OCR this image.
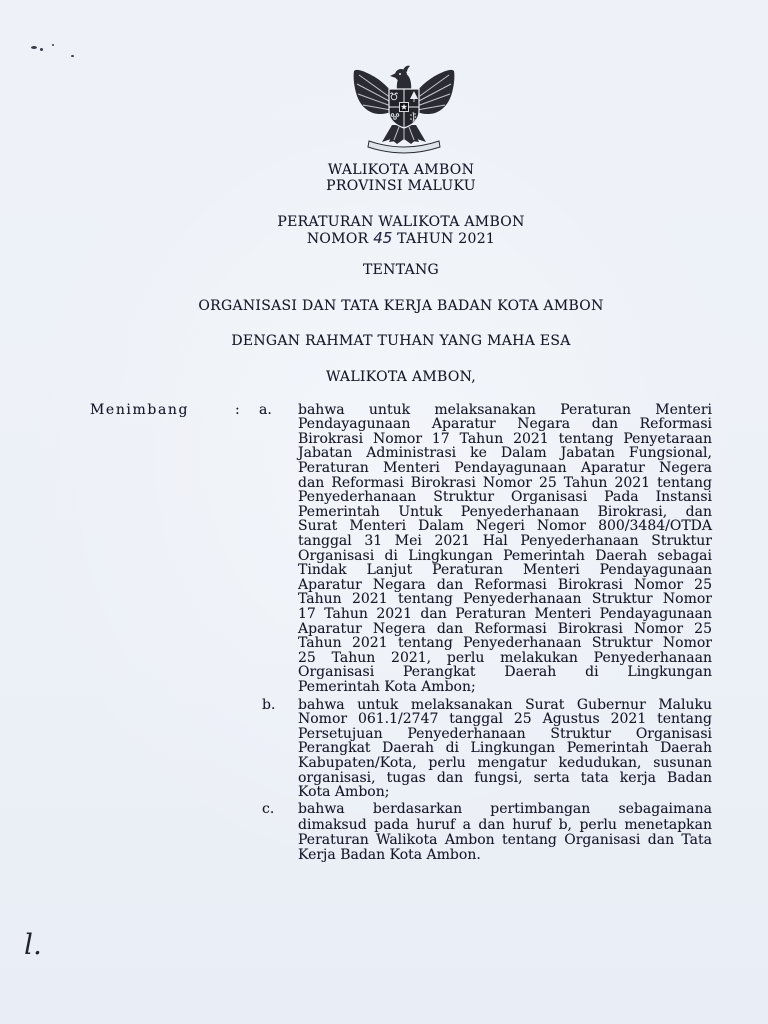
WALIKOTA AMBON
PROVINSI MALUKU
PERATURAN WALIKOTA AMBON
NOMOR 45 TAHUN 2021
TENTANG
ORGANISASI DAN TATA KERJA BADAN KOTA AMBON
DENGAN RAHMAT TUHAN YANG MAHA ESA
WALIKOTA AMBON,
Menimbang	: a. bahwa untuk melaksanakan Peraturan Menteri
Pendayagunaan Aparatur Negara dan Reformasi
Birokrasi Nomor 17 Tahun 2021 tentang Penyetaraan
Jabatan Administrasi ke Dalam Jabatan Fungsional,
Peraturan Menteri Pendayagunaan Aparatur Negera
dan Reformasi Birokrasi Nomor 25 Tahun 2021 tentang
Penyederhanaan Struktur Organisasi Pada Instansi
Pemerintah Untuk Penyederhanaan Birokrasi, dan
Surat Menteri Dalam Negeri Nomor 800/3484/OTDA
tanggal 31 Mei 2021 Hal Penyederhanaan Struktur
Organisasi di Lingkungan Pemerintah Daerah sebagai
Tindak Lanjut Peraturan Menteri Pendayagunaan
Aparatur Negara dan Reformasi Birokrasi Nomor 25
Tahun 2021 tentang Penyederhanaan Struktur Nomor
17 Tahun 2021 dan Peraturan Menteri Pendayagunaan
Aparatur Negera dan Reformasi Birokrasi Nomor 25
Tahun 2021 tentang Penyederhanaan Struktur Nomor
25 Tahun 2021, perlu melakukan Penyederhanaan
Organisasi Perangkat Daerah di Lingkungan
Pemerintah Kota Ambon;
b. bahwa untuk melaksanakan Surat Gubernur Maluku
Nomor 061.1/2747 tanggal 25 Agustus 2021 tentang
Persetujuan Penyederhanaan Struktur Organisasi
Perangkat Daerah di Lingkungan Pemerintah Daerah
Kabupaten/Kota, perlu mengatur kedudukan, susunan
organisasi, tugas dan fungsi, serta tata kerja Badan
Kota Ambon;
c. bahwa berdasarkan pertimbangan sebagaimana
dimaksud pada huruf a dan huruf b, perlu menetapkan
Peraturan Walikota Ambon tentang Organisasi dan Tata
Kerja Badan Kota Ambon.
l.
